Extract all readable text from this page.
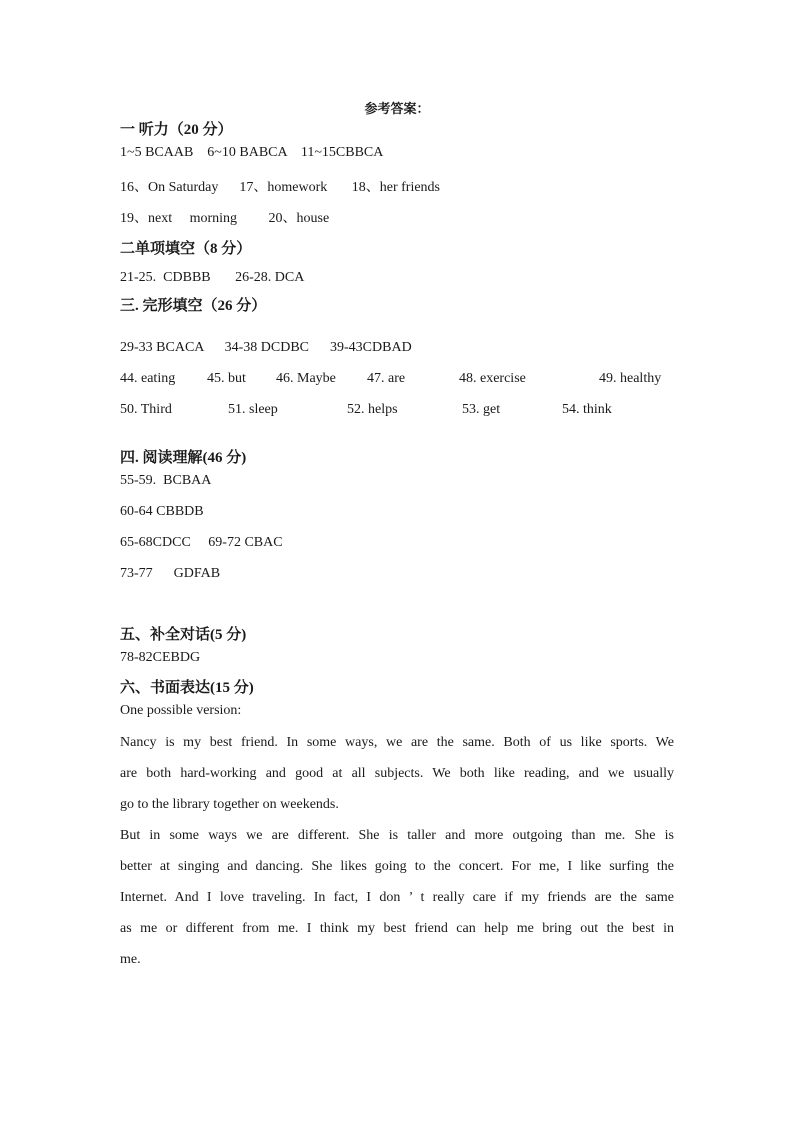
参考答案：
一 听力（20 分）
1~5 BCAAB    6~10 BABCA    11~15CBBCA
16、On Saturday      17、homework       18、her friends
19、next     morning         20、house
二单项填空（8 分）
21-25.  CDBBB       26-28. DCA
三. 完形填空（26 分）
29-33 BCACA      34-38 DCDBC      39-43CDBAD
44. eating 45. but 46. Maybe 47. are	48. exercise	49. healthy
50. Third	51. sleep	52. helps	53. get	54. think
四. 阅读理解(46 分)
55-59.  BCBAA
60-64 CBBDB
65-68CDCC     69-72 CBAC
73-77      GDFAB
五、补全对话(5 分)
78-82CEBDG
六、书面表达(15 分)
One possible version:
Nancy is my best friend. In some ways, we are the same. Both of us like sports. We
are both hard-working and good at all subjects. We both like reading, and we usually
go to the library together on weekends.
But in some ways we are different. She is taller and more outgoing than me. She is
better at singing and dancing. She likes going to the concert. For me, I like surfing the
Internet. And I love traveling. In fact, I don ’ t really care if my friends are the same
as me or different from me. I think my best friend can help me bring out the best in
me.
